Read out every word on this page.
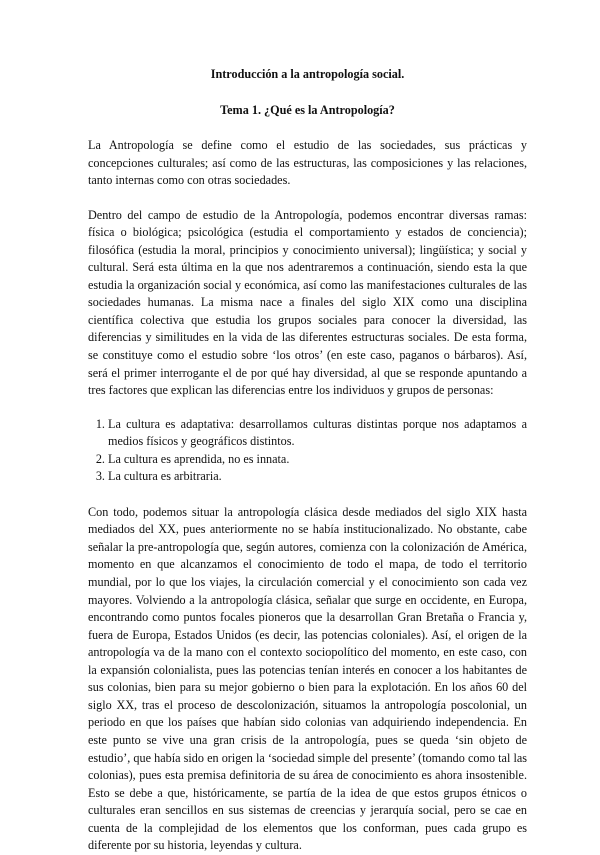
Introducción a la antropología social.
Tema 1. ¿Qué es la Antropología?

La Antropología se define como el estudio de las sociedades, sus prácticas y concepciones culturales; así como de las estructuras, las composiciones y las relaciones, tanto internas como con otras sociedades.

Dentro del campo de estudio de la Antropología, podemos encontrar diversas ramas: física o biológica; psicológica (estudia el comportamiento y estados de conciencia); filosófica (estudia la moral, principios y conocimiento universal); lingüística; y social y cultural. Será esta última en la que nos adentraremos a continuación, siendo esta la que estudia la organización social y económica, así como las manifestaciones culturales de las sociedades humanas. La misma nace a finales del siglo XIX como una disciplina científica colectiva que estudia los grupos sociales para conocer la diversidad, las diferencias y similitudes en la vida de las diferentes estructuras sociales. De esta forma, se constituye como el estudio sobre ‘los otros’ (en este caso, paganos o bárbaros). Así, será el primer interrogante el de por qué hay diversidad, al que se responde apuntando a tres factores que explican las diferencias entre los individuos y grupos de personas:

1. La cultura es adaptativa: desarrollamos culturas distintas porque nos adaptamos a medios físicos y geográficos distintos.
2. La cultura es aprendida, no es innata.
3. La cultura es arbitraria.

Con todo, podemos situar la antropología clásica desde mediados del siglo XIX hasta mediados del XX, pues anteriormente no se había institucionalizado. No obstante, cabe señalar la pre-antropología que, según autores, comienza con la colonización de América, momento en que alcanzamos el conocimiento de todo el mapa, de todo el territorio mundial, por lo que los viajes, la circulación comercial y el conocimiento son cada vez mayores. Volviendo a la antropología clásica, señalar que surge en occidente, en Europa, encontrando como puntos focales pioneros que la desarrollan Gran Bretaña o Francia y, fuera de Europa, Estados Unidos (es decir, las potencias coloniales). Así, el origen de la antropología va de la mano con el contexto sociopolítico del momento, en este caso, con la expansión colonialista, pues las potencias tenían interés en conocer a los habitantes de sus colonias, bien para su mejor gobierno o bien para la explotación. En los años 60 del siglo XX, tras el proceso de descolonización, situamos la antropología poscolonial, un periodo en que los países que habían sido colonias van adquiriendo independencia. En este punto se vive una gran crisis de la antropología, pues se queda ‘sin objeto de estudio’, que había sido en origen la ‘sociedad simple del presente’ (tomando como tal las colonias), pues esta premisa definitoria de su área de conocimiento es ahora insostenible. Esto se debe a que, históricamente, se partía de la idea de que estos grupos étnicos o culturales eran sencillos en sus sistemas de creencias y jerarquía social, pero se cae en cuenta de la complejidad de los elementos que los conforman, pues cada grupo es diferente por su historia, leyendas y cultura.
